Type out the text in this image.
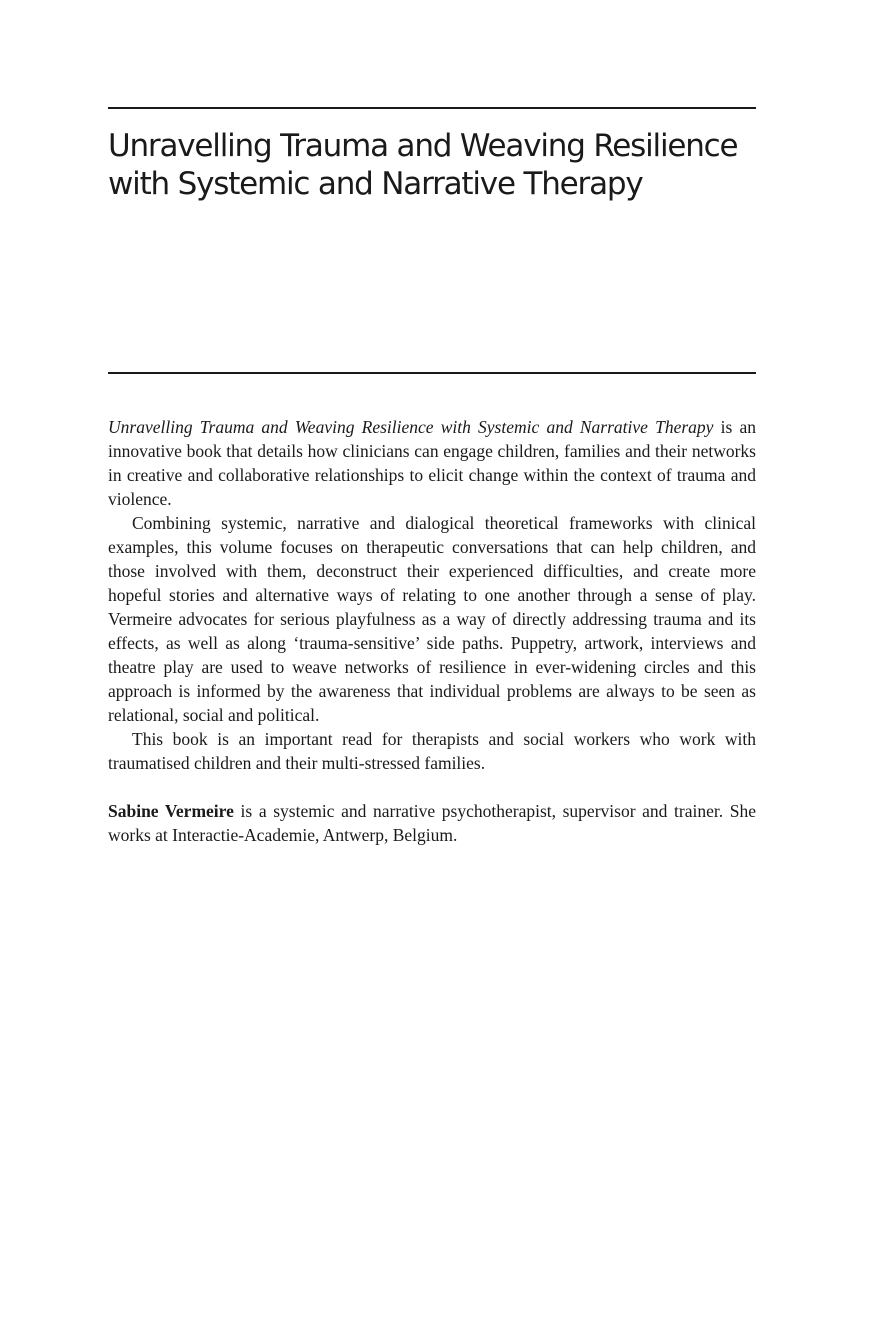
Unravelling Trauma and Weaving Resilience
with Systemic and Narrative Therapy

Unravelling Trauma and Weaving Resilience with Systemic and Narrative Therapy is an innovative book that details how clinicians can engage children, families and their networks in creative and collaborative relationships to elicit change within the context of trauma and violence.

Combining systemic, narrative and dialogical theoretical frameworks with clinical examples, this volume focuses on therapeutic conversations that can help children, and those involved with them, deconstruct their experienced difficulties, and create more hopeful stories and alternative ways of relating to one another through a sense of play. Vermeire advocates for serious playfulness as a way of directly addressing trauma and its effects, as well as along ‘trauma-sensitive’ side paths. Puppetry, artwork, interviews and theatre play are used to weave networks of resilience in ever-widening circles and this approach is informed by the awareness that individual problems are always to be seen as relational, social and political.

This book is an important read for therapists and social workers who work with traumatised children and their multi-stressed families.

Sabine Vermeire is a systemic and narrative psychotherapist, supervisor and trainer. She works at Interactie-Academie, Antwerp, Belgium.
